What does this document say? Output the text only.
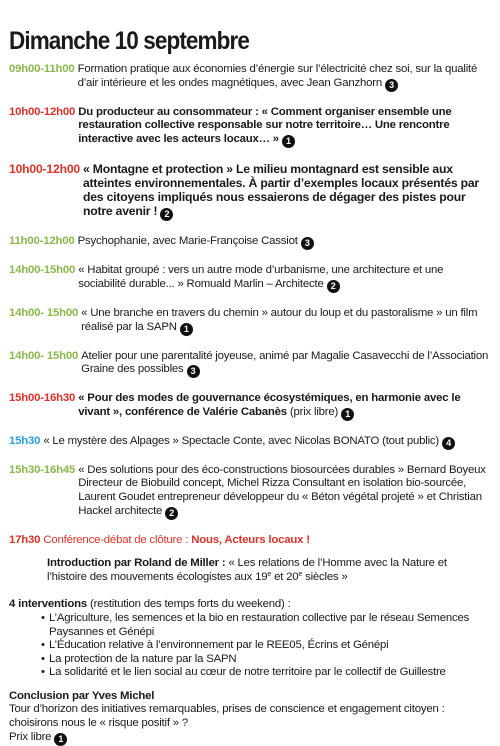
Dimanche 10 septembre
09h00-11h00 Formation pratique aux économies d’énergie sur l’électricité chez soi, sur la qualité d’air intérieure et les ondes magnétiques, avec Jean Ganzhorn 3
10h00-12h00 Du producteur au consommateur : « Comment organiser ensemble une restauration collective responsable sur notre territoire… Une rencontre interactive avec les acteurs locaux… » 1
10h00-12h00 « Montagne et protection » Le milieu montagnard est sensible aux atteintes environnementales. À partir d’exemples locaux présentés par des citoyens impliqués nous essaierons de dégager des pistes pour notre avenir ! 2
11h00-12h00 Psychophanie, avec Marie-Françoise Cassiot 3
14h00-15h00 « Habitat groupé : vers un autre mode d’urbanisme, une architecture et une sociabilité durable... » Romuald Marlin – Architecte 2
14h00- 15h00 « Une branche en travers du chemin » autour du loup et du pastoralisme » un film réalisé par la SAPN 1
14h00- 15h00 Atelier pour une parentalité joyeuse, animé par Magalie Casavecchi de l’Association Graine des possibles 3
15h00-16h30 « Pour des modes de gouvernance écosystémiques, en harmonie avec le vivant », conférence de Valérie Cabanès (prix libre) 1
15h30 « Le mystère des Alpages » Spectacle Conte, avec Nicolas BONATO (tout public) 4
15h30-16h45 « Des solutions pour des éco-constructions biosourcées durables » Bernard Boyeux Directeur de Biobuild concept, Michel Rizza Consultant en isolation bio-sourcée, Laurent Goudet entrepreneur développeur du « Béton végétal projeté » et Christian Hackel architecte 2
17h30 Conférence-débat de clôture : Nous, Acteurs locaux !
Introduction par Roland de Miller : « Les relations de l’Homme avec la Nature et l’histoire des mouvements écologistes aux 19e et 20e siècles »
4 interventions (restitution des temps forts du weekend) :
• L’Agriculture, les semences et la bio en restauration collective par le réseau Semences Paysannes et Génépi
• L’Éducation relative à l’environnement par le REE05, Écrins et Génépi
• La protection de la nature par la SAPN
• La solidarité et le lien social au cœur de notre territoire par le collectif de Guillestre
Conclusion par Yves Michel
Tour d’horizon des initiatives remarquables, prises de conscience et engagement citoyen : choisirons nous le « risque positif » ?
Prix libre 1
